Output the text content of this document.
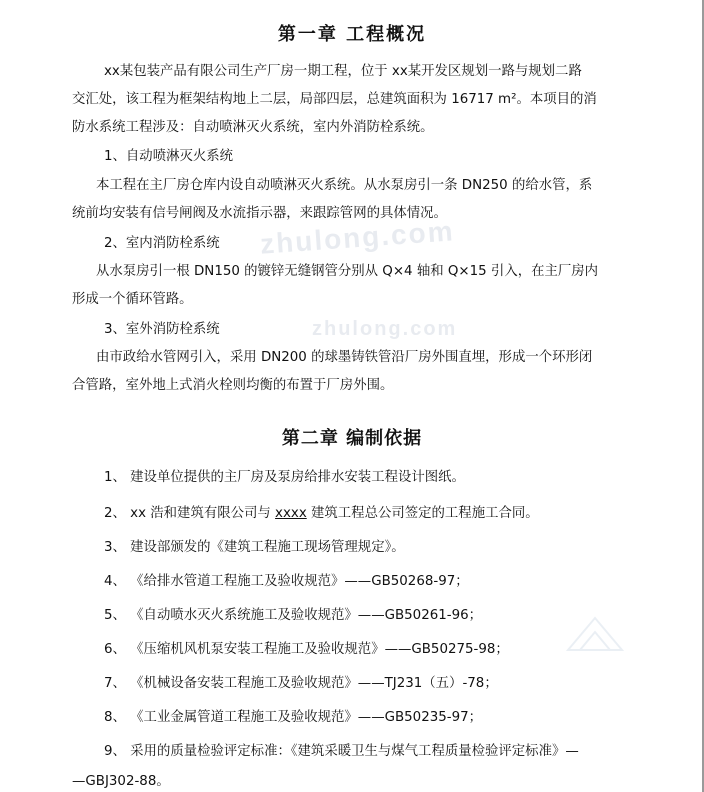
zhulong.com
zhulong.com
第一章 工程概况
xx某包装产品有限公司生产厂房一期工程，位于 xx某开发区规划一路与规划二路
交汇处，该工程为框架结构地上二层，局部四层，总建筑面积为 16717 m²。本项目的消
防水系统工程涉及：自动喷淋灭火系统，室内外消防栓系统。
1、自动喷淋灭火系统
本工程在主厂房仓库内设自动喷淋灭火系统。从水泵房引一条 DN250 的给水管，系
统前均安装有信号闸阀及水流指示器，来跟踪管网的具体情况。
2、室内消防栓系统
从水泵房引一根 DN150 的镀锌无缝钢管分别从 Q×4 轴和 Q×15 引入，在主厂房内
形成一个循环管路。
3、室外消防栓系统
由市政给水管网引入，采用 DN200 的球墨铸铁管沿厂房外围直埋，形成一个环形闭
合管路，室外地上式消火栓则均衡的布置于厂房外围。
第二章 编制依据
1、 建设单位提供的主厂房及泵房给排水安装工程设计图纸。
2、 xx 浩和建筑有限公司与 xxxx 建筑工程总公司签定的工程施工合同。
3、 建设部颁发的《建筑工程施工现场管理规定》。
4、 《给排水管道工程施工及验收规范》——GB50268-97；
5、 《自动喷水灭火系统施工及验收规范》——GB50261-96；
6、 《压缩机风机泵安装工程施工及验收规范》——GB50275-98；
7、 《机械设备安装工程施工及验收规范》——TJ231（五）-78；
8、 《工业金属管道工程施工及验收规范》——GB50235-97；
9、 采用的质量检验评定标准：《建筑采暖卫生与煤气工程质量检验评定标准》—
—GBJ302-88。
